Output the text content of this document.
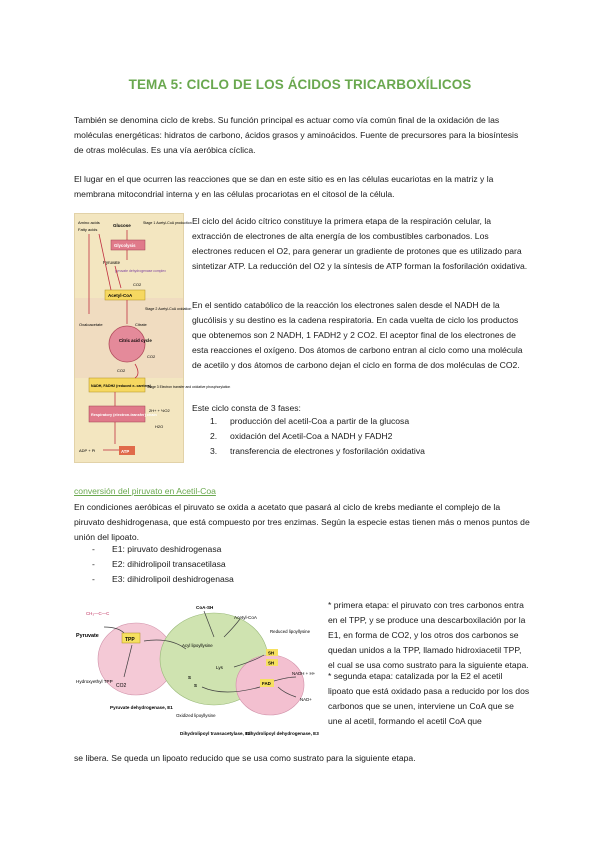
TEMA 5: CICLO DE LOS ÁCIDOS TRICARBOXÍLICOS

También se denomina ciclo de krebs. Su función principal es actuar como vía común final de la oxidación de las moléculas energéticas: hidratos de carbono, ácidos grasos y aminoácidos. Fuente de precursores para la biosíntesis de otras moléculas. Es una vía aeróbica cíclica.

El lugar en el que ocurren las reacciones que se dan en este sitio es en las células eucariotas en la matriz y la membrana mitocondrial interna y en las células procariotas en el citosol de la célula.

Amino acids
Fatty acids
Glucose	Stage 1 Acetyl-CoA production
Glycolysis
Pyruvate
pyruvate dehydrogenase complex
CO2
Acetyl-CoA
Stage 2 Acetyl-CoA oxidation
Oxaloacetate	Citrate
Citric acid cycle
CO2
CO2
NADH, FADH2 (reduced e- carriers)
Stage 3 Electron transfer and oxidative phosphorylation
Respiratory (electron-transfer) chain
2H+ + ½O2
H2O
ADP + Pi	ATP

El ciclo del ácido cítrico constituye la primera etapa de la respiración celular, la extracción de electrones de alta energía de los combustibles carbonados. Los electrones reducen el O2, para generar un gradiente de protones que es utilizado para sintetizar ATP. La reducción del O2 y la síntesis de ATP forman la fosforilación oxidativa.

En el sentido catabólico de la reacción los electrones salen desde el NADH de la glucólisis y su destino es la cadena respiratoria. En cada vuelta de ciclo los productos que obtenemos son 2 NADH, 1 FADH2 y 2 CO2. El aceptor final de los electrones de esta reacciones el oxígeno. Dos átomos de carbono entran al ciclo como una molécula de acetilo y dos átomos de carbono dejan el ciclo en forma de dos moléculas de CO2.

Este ciclo consta de 3 fases:

1. producción del acetil-Coa a partir de la glucosa
2. oxidación del Acetil-Coa a NADH y FADH2
3. transferencia de electrones y fosforilación oxidativa
conversión del piruvato en Acetil-Coa

En condiciones aeróbicas el piruvato se oxida a acetato que pasará al ciclo de krebs mediante el complejo de la piruvato deshidrogenasa, que está compuesto por tres enzimas. Según la especie estas tienen más o menos puntos de unión del lipoato.

- E1: piruvato deshidrogenasa
- E2: dihidrolipoil transacetilasa
- E3: dihidrolipoil deshidrogenasa
Pyruvate
CH₃—C—C
TPP
CO2
Hydroxyethyl TPP
Pyruvate dehydrogenase, E1
CoA-SH
Acetyl-CoA
Acyl lipoyllysine
Reduced lipoyllysine
SH
SH
Lys
S
S
Oxidized lipoyllysine
Dihydrolipoyl transacetylase, E2
FAD
NADH + H+
NAD+
Dihydrolipoyl dehydrogenase, E3

* primera etapa: el piruvato con tres carbonos entra en el TPP, y se produce una descarboxilación por la E1, en forma de CO2, y los otros dos carbonos se quedan unidos a la TPP, llamado hidroxiacetil TPP, el cual se usa como sustrato para la siguiente etapa.

* segunda etapa: catalizada por la E2 el acetil lipoato que está oxidado pasa a reducido por los dos carbonos que se unen, interviene un CoA que se une al acetil, formando el acetil CoA que

se libera. Se queda un lipoato reducido que se usa como sustrato para la siguiente etapa.
